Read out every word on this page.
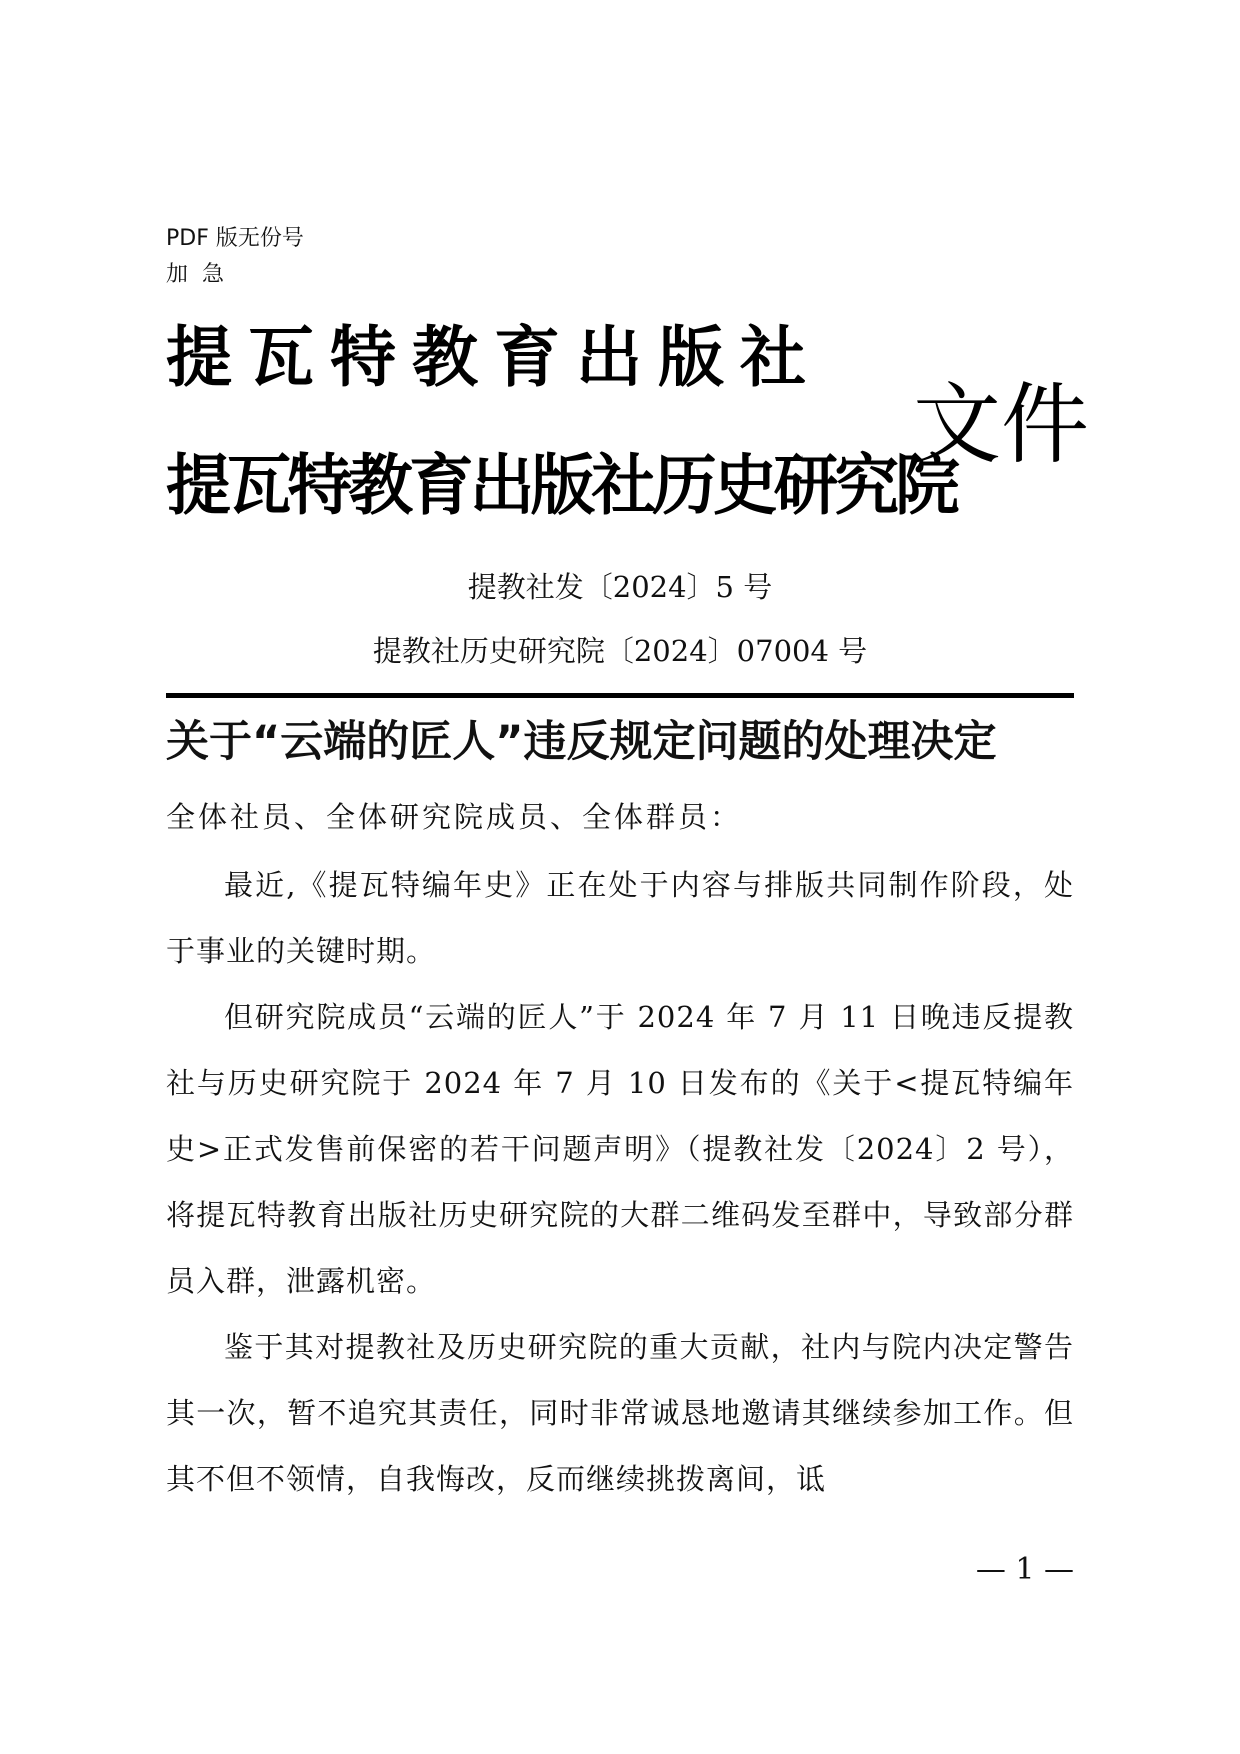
PDF 版无份号
加急
提瓦特教育出版社
提瓦特教育出版社历史研究院
文件
提教社发〔2024〕5 号
提教社历史研究院〔2024〕07004 号
关于“云端的匠人”违反规定问题的处理决定
全体社员、全体研究院成员、全体群员：
最近,《提瓦特编年史》正在处于内容与排版共同制作阶段，处于事业的关键时期。
但研究院成员“云端的匠人”于 2024 年 7 月 11 日晚违反提教社与历史研究院于 2024 年 7 月 10 日发布的《关于<提瓦特编年史>正式发售前保密的若干问题声明》（提教社发〔2024〕2 号），将提瓦特教育出版社历史研究院的大群二维码发至群中，导致部分群员入群，泄露机密。
鉴于其对提教社及历史研究院的重大贡献，社内与院内决定警告其一次，暂不追究其责任，同时非常诚恳地邀请其继续参加工作。但其不但不领情，自我悔改，反而继续挑拨离间，诋
— 1 —
